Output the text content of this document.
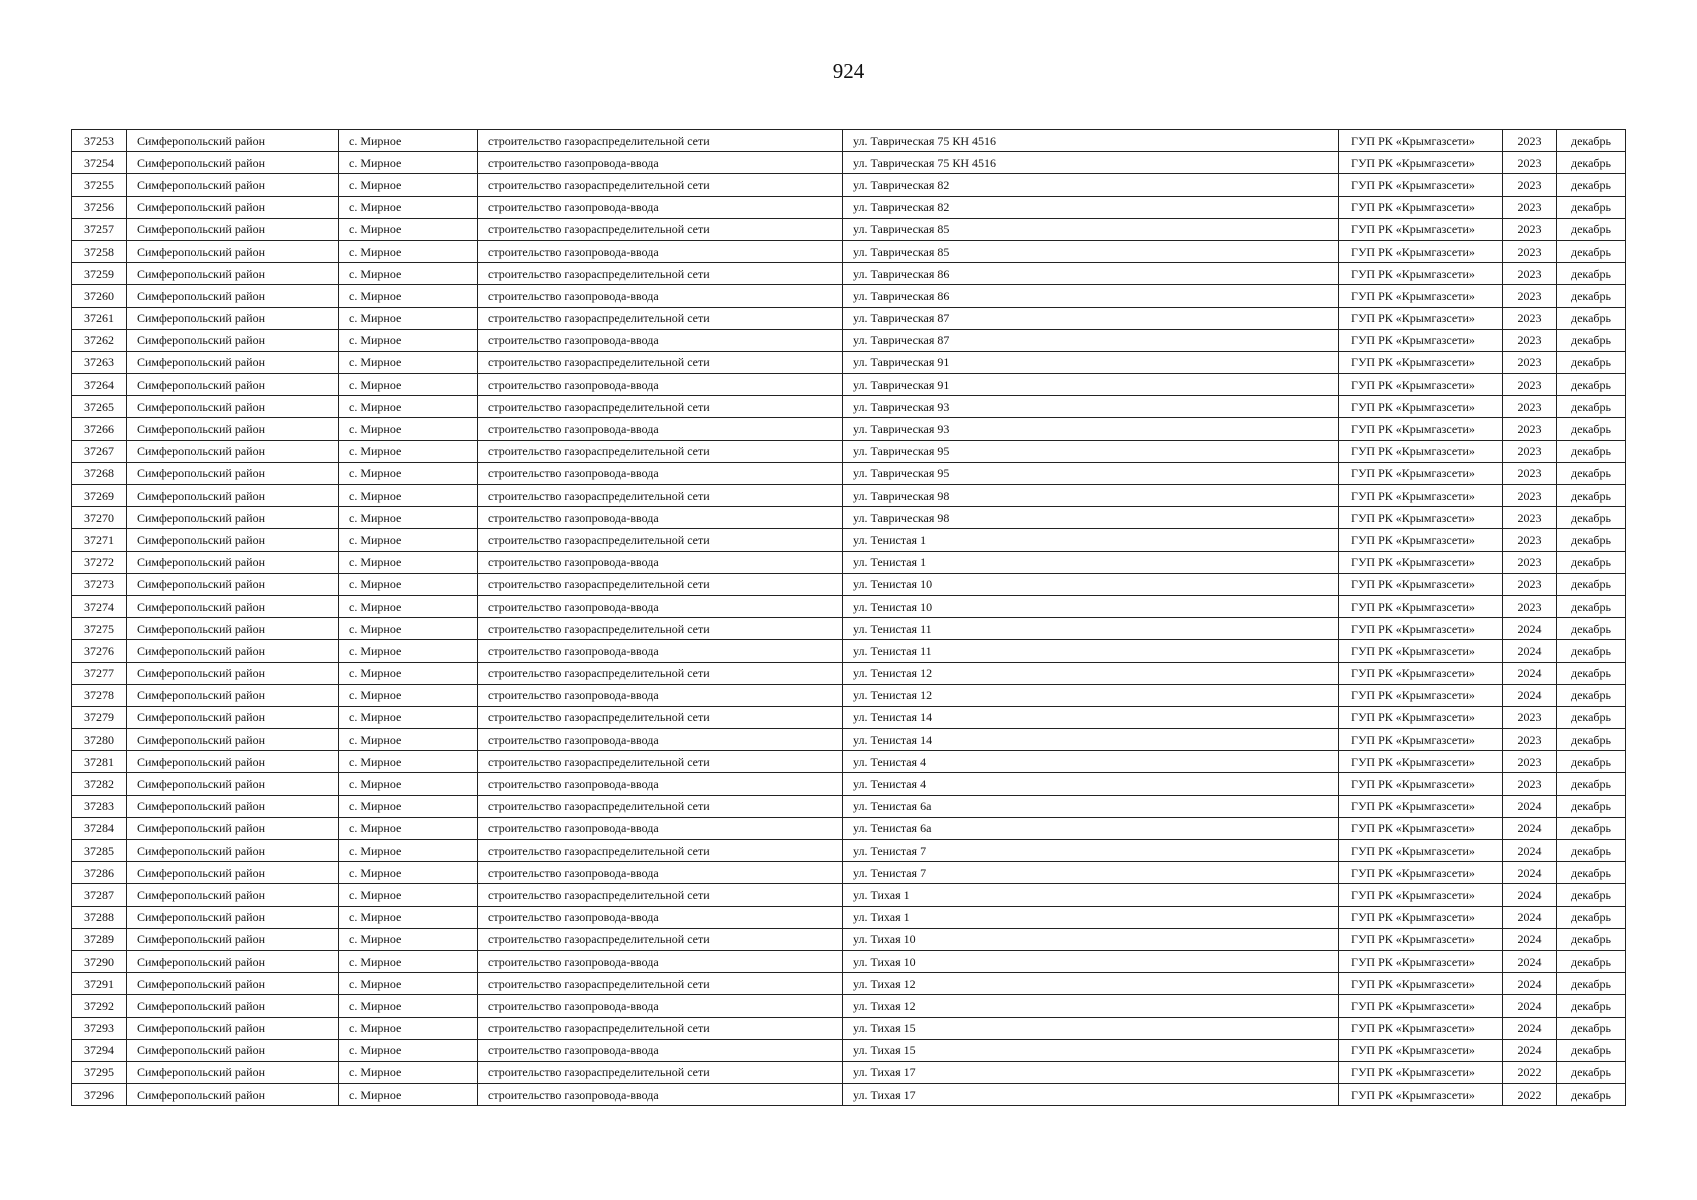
924
37253	Симферопольский район	с. Мирное	строительство газораспределительной сети	ул. Таврическая 75 КН 4516	ГУП РК «Крымгазсети»	2023	декабрь
37254	Симферопольский район	с. Мирное	строительство газопровода-ввода	ул. Таврическая 75 КН 4516	ГУП РК «Крымгазсети»	2023	декабрь
37255	Симферопольский район	с. Мирное	строительство газораспределительной сети	ул. Таврическая 82	ГУП РК «Крымгазсети»	2023	декабрь
37256	Симферопольский район	с. Мирное	строительство газопровода-ввода	ул. Таврическая 82	ГУП РК «Крымгазсети»	2023	декабрь
37257	Симферопольский район	с. Мирное	строительство газораспределительной сети	ул. Таврическая 85	ГУП РК «Крымгазсети»	2023	декабрь
37258	Симферопольский район	с. Мирное	строительство газопровода-ввода	ул. Таврическая 85	ГУП РК «Крымгазсети»	2023	декабрь
37259	Симферопольский район	с. Мирное	строительство газораспределительной сети	ул. Таврическая 86	ГУП РК «Крымгазсети»	2023	декабрь
37260	Симферопольский район	с. Мирное	строительство газопровода-ввода	ул. Таврическая 86	ГУП РК «Крымгазсети»	2023	декабрь
37261	Симферопольский район	с. Мирное	строительство газораспределительной сети	ул. Таврическая 87	ГУП РК «Крымгазсети»	2023	декабрь
37262	Симферопольский район	с. Мирное	строительство газопровода-ввода	ул. Таврическая 87	ГУП РК «Крымгазсети»	2023	декабрь
37263	Симферопольский район	с. Мирное	строительство газораспределительной сети	ул. Таврическая 91	ГУП РК «Крымгазсети»	2023	декабрь
37264	Симферопольский район	с. Мирное	строительство газопровода-ввода	ул. Таврическая 91	ГУП РК «Крымгазсети»	2023	декабрь
37265	Симферопольский район	с. Мирное	строительство газораспределительной сети	ул. Таврическая 93	ГУП РК «Крымгазсети»	2023	декабрь
37266	Симферопольский район	с. Мирное	строительство газопровода-ввода	ул. Таврическая 93	ГУП РК «Крымгазсети»	2023	декабрь
37267	Симферопольский район	с. Мирное	строительство газораспределительной сети	ул. Таврическая 95	ГУП РК «Крымгазсети»	2023	декабрь
37268	Симферопольский район	с. Мирное	строительство газопровода-ввода	ул. Таврическая 95	ГУП РК «Крымгазсети»	2023	декабрь
37269	Симферопольский район	с. Мирное	строительство газораспределительной сети	ул. Таврическая 98	ГУП РК «Крымгазсети»	2023	декабрь
37270	Симферопольский район	с. Мирное	строительство газопровода-ввода	ул. Таврическая 98	ГУП РК «Крымгазсети»	2023	декабрь
37271	Симферопольский район	с. Мирное	строительство газораспределительной сети	ул. Тенистая 1	ГУП РК «Крымгазсети»	2023	декабрь
37272	Симферопольский район	с. Мирное	строительство газопровода-ввода	ул. Тенистая 1	ГУП РК «Крымгазсети»	2023	декабрь
37273	Симферопольский район	с. Мирное	строительство газораспределительной сети	ул. Тенистая 10	ГУП РК «Крымгазсети»	2023	декабрь
37274	Симферопольский район	с. Мирное	строительство газопровода-ввода	ул. Тенистая 10	ГУП РК «Крымгазсети»	2023	декабрь
37275	Симферопольский район	с. Мирное	строительство газораспределительной сети	ул. Тенистая 11	ГУП РК «Крымгазсети»	2024	декабрь
37276	Симферопольский район	с. Мирное	строительство газопровода-ввода	ул. Тенистая 11	ГУП РК «Крымгазсети»	2024	декабрь
37277	Симферопольский район	с. Мирное	строительство газораспределительной сети	ул. Тенистая 12	ГУП РК «Крымгазсети»	2024	декабрь
37278	Симферопольский район	с. Мирное	строительство газопровода-ввода	ул. Тенистая 12	ГУП РК «Крымгазсети»	2024	декабрь
37279	Симферопольский район	с. Мирное	строительство газораспределительной сети	ул. Тенистая 14	ГУП РК «Крымгазсети»	2023	декабрь
37280	Симферопольский район	с. Мирное	строительство газопровода-ввода	ул. Тенистая 14	ГУП РК «Крымгазсети»	2023	декабрь
37281	Симферопольский район	с. Мирное	строительство газораспределительной сети	ул. Тенистая 4	ГУП РК «Крымгазсети»	2023	декабрь
37282	Симферопольский район	с. Мирное	строительство газопровода-ввода	ул. Тенистая 4	ГУП РК «Крымгазсети»	2023	декабрь
37283	Симферопольский район	с. Мирное	строительство газораспределительной сети	ул. Тенистая 6а	ГУП РК «Крымгазсети»	2024	декабрь
37284	Симферопольский район	с. Мирное	строительство газопровода-ввода	ул. Тенистая 6а	ГУП РК «Крымгазсети»	2024	декабрь
37285	Симферопольский район	с. Мирное	строительство газораспределительной сети	ул. Тенистая 7	ГУП РК «Крымгазсети»	2024	декабрь
37286	Симферопольский район	с. Мирное	строительство газопровода-ввода	ул. Тенистая 7	ГУП РК «Крымгазсети»	2024	декабрь
37287	Симферопольский район	с. Мирное	строительство газораспределительной сети	ул. Тихая 1	ГУП РК «Крымгазсети»	2024	декабрь
37288	Симферопольский район	с. Мирное	строительство газопровода-ввода	ул. Тихая 1	ГУП РК «Крымгазсети»	2024	декабрь
37289	Симферопольский район	с. Мирное	строительство газораспределительной сети	ул. Тихая 10	ГУП РК «Крымгазсети»	2024	декабрь
37290	Симферопольский район	с. Мирное	строительство газопровода-ввода	ул. Тихая 10	ГУП РК «Крымгазсети»	2024	декабрь
37291	Симферопольский район	с. Мирное	строительство газораспределительной сети	ул. Тихая 12	ГУП РК «Крымгазсети»	2024	декабрь
37292	Симферопольский район	с. Мирное	строительство газопровода-ввода	ул. Тихая 12	ГУП РК «Крымгазсети»	2024	декабрь
37293	Симферопольский район	с. Мирное	строительство газораспределительной сети	ул. Тихая 15	ГУП РК «Крымгазсети»	2024	декабрь
37294	Симферопольский район	с. Мирное	строительство газопровода-ввода	ул. Тихая 15	ГУП РК «Крымгазсети»	2024	декабрь
37295	Симферопольский район	с. Мирное	строительство газораспределительной сети	ул. Тихая 17	ГУП РК «Крымгазсети»	2022	декабрь
37296	Симферопольский район	с. Мирное	строительство газопровода-ввода	ул. Тихая 17	ГУП РК «Крымгазсети»	2022	декабрь
